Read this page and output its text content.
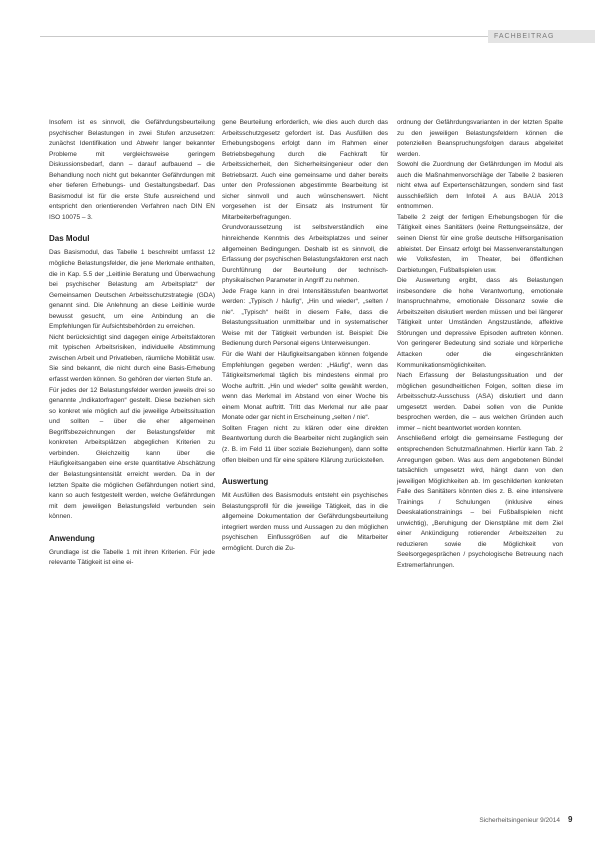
FACHBEITRAG

Insofern ist es sinnvoll, die Gefährdungsbeurteilung psychischer Belastungen in zwei Stufen anzusetzen: zunächst Identifikation und Abwehr langer bekannter Probleme mit vergleichsweise geringem Diskussionsbedarf, dann – darauf aufbauend – die Behandlung noch nicht gut bekannter Gefährdungen mit eher tieferen Erhebungs- und Gestaltungsbedarf. Das Basismodul ist für die erste Stufe ausreichend und entspricht den orientierenden Verfahren nach DIN EN ISO 10075 – 3.

Das Modul

Das Basismodul, das Tabelle 1 beschreibt umfasst 12 mögliche Belastungsfelder, die jene Merkmale enthalten, die in Kap. 5.5 der „Leitlinie Beratung und Überwachung bei psychischer Belastung am Arbeitsplatz“ der Gemeinsamen Deutschen Arbeitsschutzstrategie (GDA) genannt sind. Die Anlehnung an diese Leitlinie wurde bewusst gesucht, um eine Anbindung an die Empfehlungen für Aufsichtsbehörden zu erreichen.

Nicht berücksichtigt sind dagegen einige Arbeitsfaktoren mit typischen Arbeitsrisiken, individuelle Abstimmung zwischen Arbeit und Privatleben, räumliche Mobilität usw. Sie sind bekannt, die nicht durch eine Basis-Erhebung erfasst werden können. So gehören der vierten Stufe an.

Für jedes der 12 Belastungsfelder werden jeweils drei so genannte „Indikatorfragen“ gestellt. Diese beziehen sich so konkret wie möglich auf die jeweilige Arbeitssituation und sollten – über die eher allgemeinen Begriffsbezeichnungen der Belastungsfelder mit konkreten Arbeitsplätzen abgeglichen Kriterien zu verbinden. Gleichzeitig kann über die Häufigkeitsangaben eine erste quantitative Abschätzung der Belastungsintensität erreicht werden. Da in der letzten Spalte die möglichen Gefährdungen notiert sind, kann so auch festgestellt werden, welche Gefährdungen mit dem jeweiligen Belastungsfeld verbunden sein können.

Anwendung

Grundlage ist die Tabelle 1 mit ihren Kriterien. Für jede relevante Tätigkeit ist eine ei-

gene Beurteilung erforderlich, wie dies auch durch das Arbeitsschutzgesetz gefordert ist. Das Ausfüllen des Erhebungsbogens erfolgt dann im Rahmen einer Betriebsbegehung durch die Fachkraft für Arbeitssicherheit, den Sicherheitsingenieur oder den Betriebsarzt. Auch eine gemeinsame und daher bereits unter den Professionen abgestimmte Bearbeitung ist sicher sinnvoll und auch wünschenswert. Nicht vorgesehen ist der Einsatz als Instrument für Mitarbeiterbefragungen.

Grundvoraussetzung ist selbstverständlich eine hinreichende Kenntnis des Arbeitsplatzes und seiner allgemeinen Bedingungen. Deshalb ist es sinnvoll, die Erfassung der psychischen Belastungsfaktoren erst nach Durchführung der Beurteilung der technisch-physikalischen Parameter in Angriff zu nehmen.

Jede Frage kann in drei Intensitätsstufen beantwortet werden: „Typisch / häufig“, „Hin und wieder“, „selten / nie“. „Typisch“ heißt in diesem Falle, dass die Belastungssituation unmittelbar und in systematischer Weise mit der Tätigkeit verbunden ist. Beispiel: Die Bedienung durch Personal eigens Unterweisungen.

Für die Wahl der Häufigkeitsangaben können folgende Empfehlungen gegeben werden: „Häufig“, wenn das Tätigkeitsmerkmal täglich bis mindestens einmal pro Woche auftritt. „Hin und wieder“ sollte gewählt werden, wenn das Merkmal im Abstand von einer Woche bis einem Monat auftritt. Tritt das Merkmal nur alle paar Monate oder gar nicht in Erscheinung „selten / nie“.

Sollten Fragen nicht zu klären oder eine direkten Beantwortung durch die Bearbeiter nicht zugänglich sein (z. B. im Feld 11 über soziale Beziehungen), dann sollte offen bleiben und für eine spätere Klärung zurückstellen.

Auswertung

Mit Ausfüllen des Basismoduls entsteht ein psychisches Belastungsprofil für die jeweilige Tätigkeit, das in die allgemeine Dokumentation der Gefährdungsbeurteilung integriert werden muss und Aussagen zu den möglichen psychischen Einflussgrößen auf die Mitarbeiter ermöglicht. Durch die Zu-

ordnung der Gefährdungsvarianten in der letzten Spalte zu den jeweiligen Belastungsfeldern können die potenziellen Beanspruchungsfolgen daraus abgeleitet werden.

Sowohl die Zuordnung der Gefährdungen im Modul als auch die Maßnahmenvorschläge der Tabelle 2 basieren nicht etwa auf Expertenschätzungen, sondern sind fast ausschließlich dem Infoteil A aus BAUA 2013 entnommen.

Tabelle 2 zeigt der fertigen Erhebungsbogen für die Tätigkeit eines Sanitäters (keine Rettungseinsätze, der seinen Dienst für eine große deutsche Hilfsorganisation ableistet. Der Einsatz erfolgt bei Massenveranstaltungen wie Volksfesten, im Theater, bei öffentlichen Darbietungen, Fußballspielen usw.

Die Auswertung ergibt, dass als Belastungen insbesondere die hohe Verantwortung, emotionale Inanspruchnahme, emotionale Dissonanz sowie die Arbeitszeiten diskutiert werden müssen und bei längerer Tätigkeit unter Umständen Angstzustände, affektive Störungen und depressive Episoden auftreten können. Von geringerer Bedeutung sind soziale und körperliche Attacken oder die eingeschränkten Kommunikationsmöglichkeiten.

Nach Erfassung der Belastungssituation und der möglichen gesundheitlichen Folgen, sollten diese im Arbeitsschutz-Ausschuss (ASA) diskutiert und dann umgesetzt werden. Dabei sollen von die Punkte besprochen werden, die – aus welchen Gründen auch immer – nicht beantwortet worden konnten.

Anschließend erfolgt die gemeinsame Festlegung der entsprechenden Schutzmaßnahmen. Hierfür kann Tab. 2 Anregungen geben. Was aus dem angebotenen Bündel tatsächlich umgesetzt wird, hängt dann von den jeweiligen Möglichkeiten ab. Im geschilderten konkreten Falle des Sanitäters könnten dies z. B. eine intensivere Trainings / Schulungen (inklusive eines Deeskalationstrainings – bei Fußballspielen nicht unwichtig), „Beruhigung der Dienstpläne mit dem Ziel einer Ankündigung rotierender Arbeitszeiten zu reduzieren sowie die Möglichkeit von Seelsorgegesprächen / psychologische Betreuung nach Extremerfahrungen.

Sicherheitsingenieur 9/2014 9
